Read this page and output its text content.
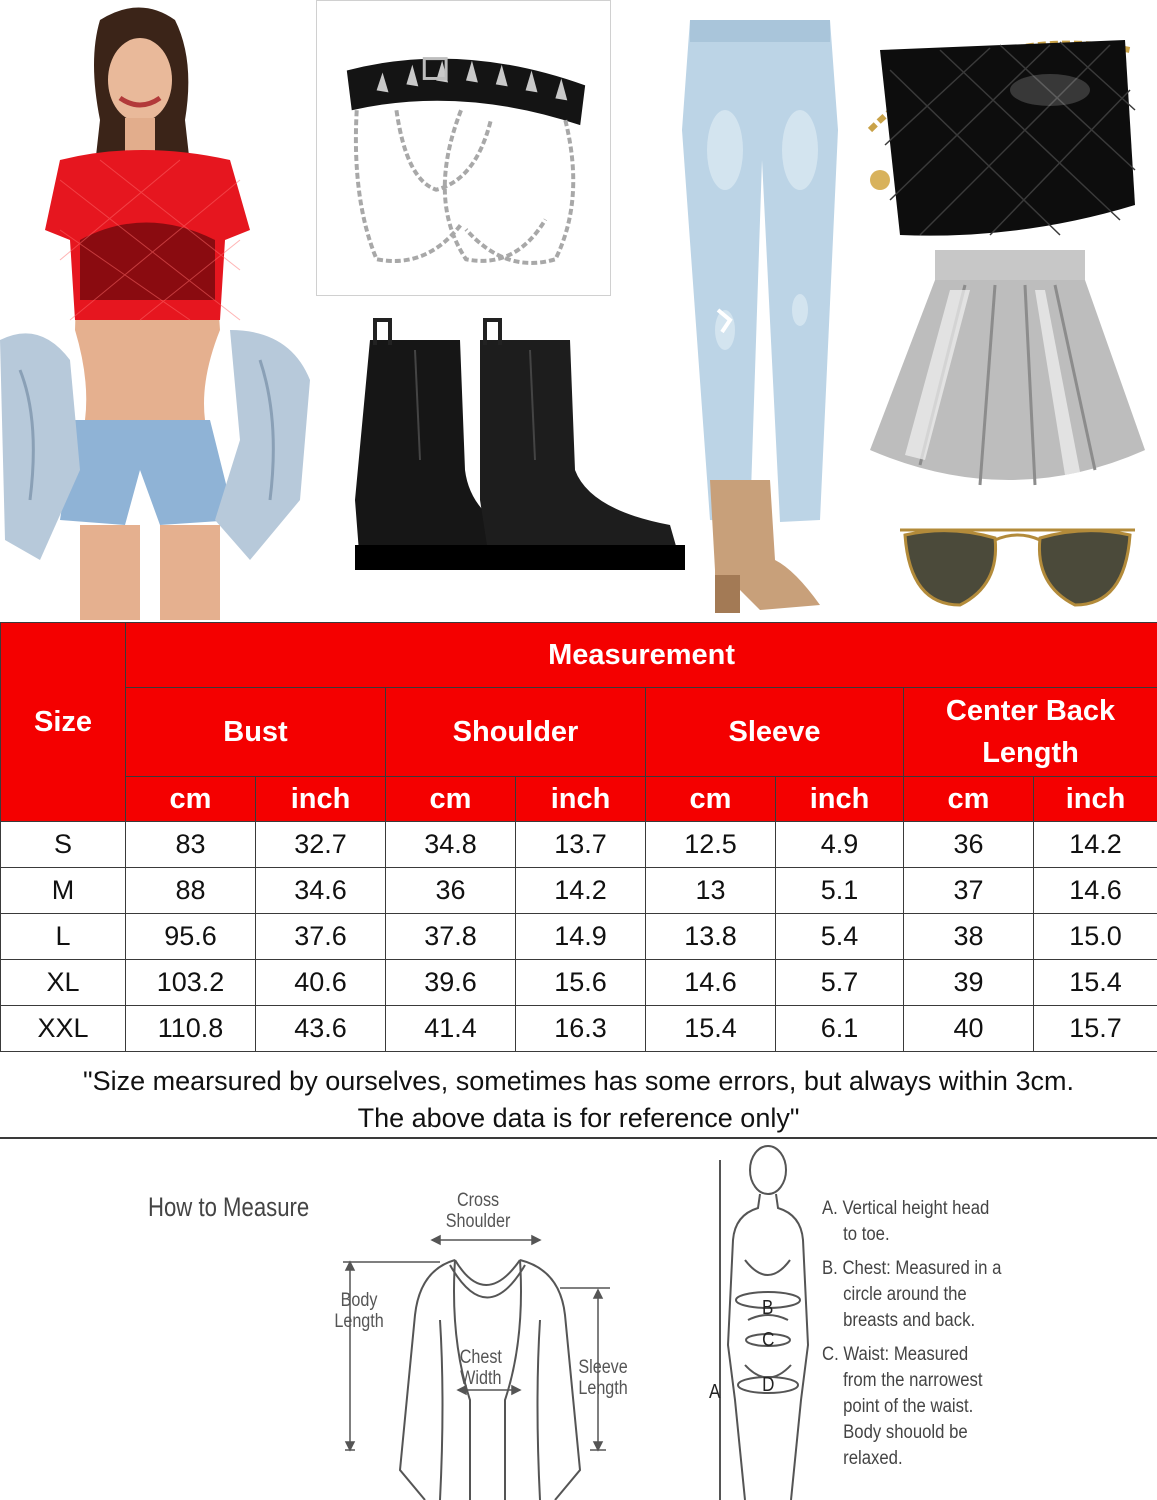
Size	Measurement							
	Bust		Shoulder		Sleeve		Center Back Length	
	cm	inch	cm	inch	cm	inch	cm	inch
S	83	32.7	34.8	13.7	12.5	4.9	36	14.2
M	88	34.6	36	14.2	13	5.1	37	14.6
L	95.6	37.6	37.8	14.9	13.8	5.4	38	15.0
XL	103.2	40.6	39.6	15.6	14.6	5.7	39	15.4
XXL	110.8	43.6	41.4	16.3	15.4	6.1	40	15.7
"Size mearsured by ourselves, sometimes has some errors, but always within 3cm.
The above data is for reference only"
How to Measure	Cross
Shoulder
Body
Length
Chest
Width
Sleeve
Length	A
B
C
D

A. Vertical height head

to toe.

B. Chest: Measured in a

circle around the
breasts and back.

C. Waist: Measured

from the narrowest
point of the waist.
Body shouold be
relaxed.
